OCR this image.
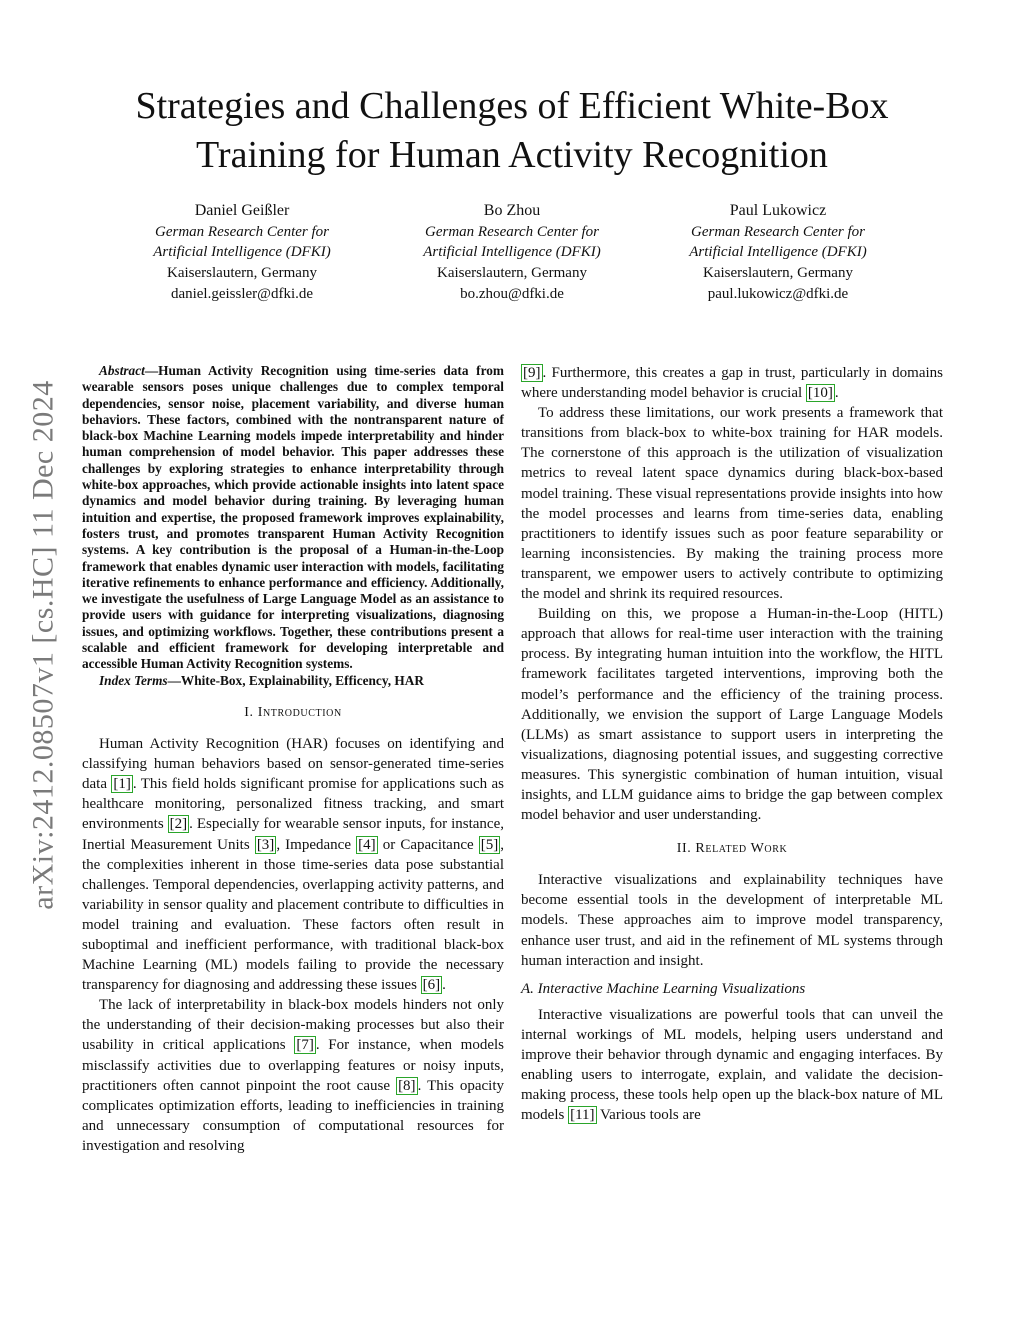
arXiv:2412.08507v1 [cs.HC] 11 Dec 2024
Strategies and Challenges of Efficient White-Box
Training for Human Activity Recognition
Daniel Geißler
German Research Center for
Artificial Intelligence (DFKI)
Kaiserslautern, Germany
daniel.geissler@dfki.de
Bo Zhou
German Research Center for
Artificial Intelligence (DFKI)
Kaiserslautern, Germany
bo.zhou@dfki.de
Paul Lukowicz
German Research Center for
Artificial Intelligence (DFKI)
Kaiserslautern, Germany
paul.lukowicz@dfki.de

Abstract—Human Activity Recognition using time-series data from wearable sensors poses unique challenges due to complex temporal dependencies, sensor noise, placement variability, and diverse human behaviors. These factors, combined with the nontransparent nature of black-box Machine Learning models impede interpretability and hinder human comprehension of model behavior. This paper addresses these challenges by exploring strategies to enhance interpretability through white-box approaches, which provide actionable insights into latent space dynamics and model behavior during training. By leveraging human intuition and expertise, the proposed framework improves explainability, fosters trust, and promotes transparent Human Activity Recognition systems. A key contribution is the proposal of a Human-in-the-Loop framework that enables dynamic user interaction with models, facilitating iterative refinements to enhance performance and efficiency. Additionally, we investigate the usefulness of Large Language Model as an assistance to provide users with guidance for interpreting visualizations, diagnosing issues, and optimizing workflows. Together, these contributions present a scalable and efficient framework for developing interpretable and accessible Human Activity Recognition systems.

Index Terms—White-Box, Explainability, Efficency, HAR

I. Introduction

Human Activity Recognition (HAR) focuses on identifying and classifying human behaviors based on sensor-generated time-series data [1] . This field holds significant promise for applications such as healthcare monitoring, personalized fitness tracking, and smart environments [2] . Especially for wearable sensor inputs, for instance, Inertial Measurement Units [3] , Impedance [4] or Capacitance [5] , the complexities inherent in those time-series data pose substantial challenges. Temporal dependencies, overlapping activity patterns, and variability in sensor quality and placement contribute to difficulties in model training and evaluation. These factors often result in suboptimal and inefficient performance, with traditional black-box Machine Learning (ML) models failing to provide the necessary transparency for diagnosing and addressing these issues [6] .

The lack of interpretability in black-box models hinders not only the understanding of their decision-making processes but also their usability in critical applications [7] . For instance, when models misclassify activities due to overlapping features or noisy inputs, practitioners often cannot pinpoint the root cause [8] . This opacity complicates optimization efforts, leading to inefficiencies in training and unnecessary consumption of computational resources for investigation and resolving

[9] . Furthermore, this creates a gap in trust, particularly in domains where understanding model behavior is crucial [10] .

To address these limitations, our work presents a framework that transitions from black-box to white-box training for HAR models. The cornerstone of this approach is the utilization of visualization metrics to reveal latent space dynamics during black-box-based model training. These visual representations provide insights into how the model processes and learns from time-series data, enabling practitioners to identify issues such as poor feature separability or learning inconsistencies. By making the training process more transparent, we empower users to actively contribute to optimizing the model and shrink its required resources.

Building on this, we propose a Human-in-the-Loop (HITL) approach that allows for real-time user interaction with the training process. By integrating human intuition into the workflow, the HITL framework facilitates targeted interventions, improving both the model’s performance and the efficiency of the training process. Additionally, we envision the support of Large Language Models (LLMs) as smart assistance to support users in interpreting the visualizations, diagnosing potential issues, and suggesting corrective measures. This synergistic combination of human intuition, visual insights, and LLM guidance aims to bridge the gap between complex model behavior and user understanding.

II. Related Work

Interactive visualizations and explainability techniques have become essential tools in the development of interpretable ML models. These approaches aim to improve model transparency, enhance user trust, and aid in the refinement of ML systems through human interaction and insight.

A. Interactive Machine Learning Visualizations

Interactive visualizations are powerful tools that can unveil the internal workings of ML models, helping users understand and improve their behavior through dynamic and engaging interfaces. By enabling users to interrogate, explain, and validate the decision-making process, these tools help open up the black-box nature of ML models [11] Various tools are
